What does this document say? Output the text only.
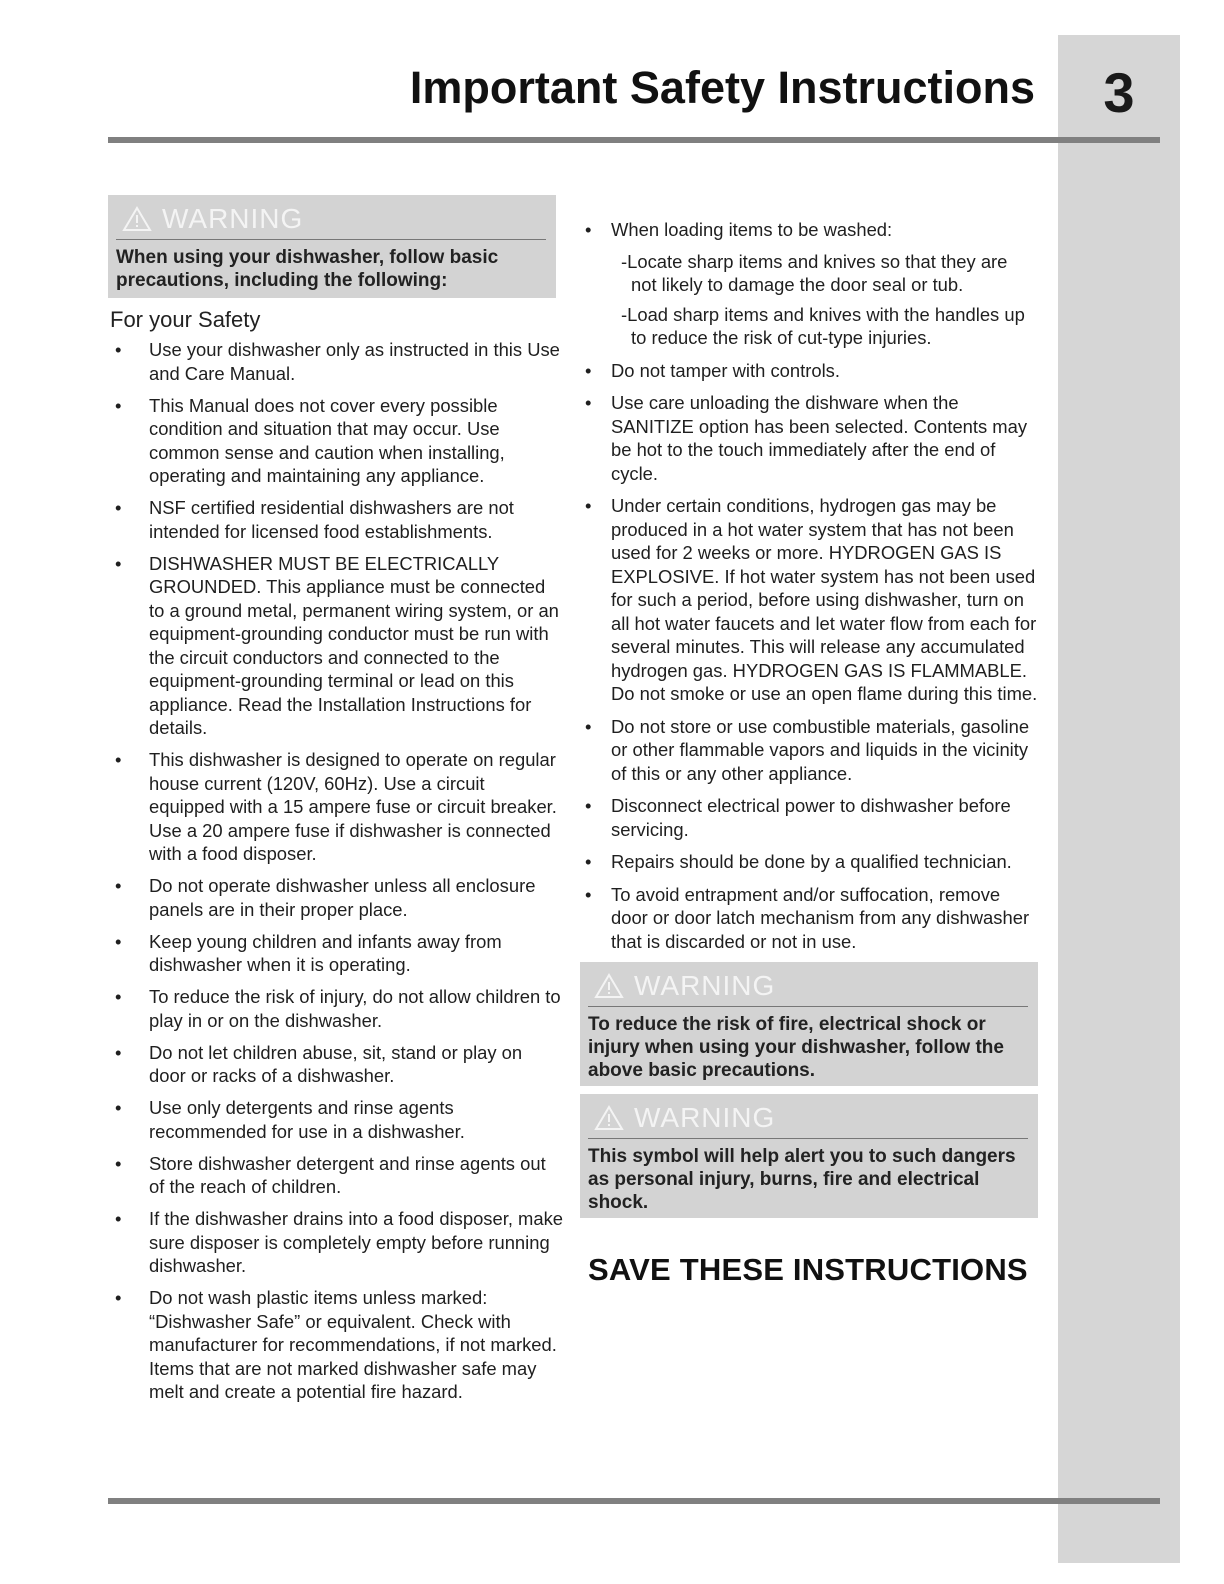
3
Important Safety Instructions
WARNING

When using your dishwasher, follow basic precautions, including the following:

For your Safety
• Use your dishwasher only as instructed in this Use and Care Manual.
• This Manual does not cover every possible condition and situation that may occur. Use common sense and caution when installing, operating and maintaining any appliance.
• NSF certified residential dishwashers are not intended for licensed food establishments.
• DISHWASHER MUST BE ELECTRICALLY GROUNDED. This appliance must be connected to a ground metal, permanent wiring system, or an equipment-grounding conductor must be run with the circuit conductors and connected to the equipment-grounding terminal or lead on this appliance. Read the Installation Instructions for details.
• This dishwasher is designed to operate on regular house current (120V, 60Hz). Use a circuit equipped with a 15 ampere fuse or circuit breaker. Use a 20 ampere fuse if dishwasher is connected with a food disposer.
• Do not operate dishwasher unless all enclosure panels are in their proper place.
• Keep young children and infants away from dishwasher when it is operating.
• To reduce the risk of injury, do not allow children to play in or on the dishwasher.
• Do not let children abuse, sit, stand or play on door or racks of a dishwasher.
• Use only detergents and rinse agents recommended for use in a dishwasher.
• Store dishwasher detergent and rinse agents out of the reach of children.
• If the dishwasher drains into a food disposer, make sure disposer is completely empty before running dishwasher.
• Do not wash plastic items unless marked: “Dishwasher Safe” or equivalent. Check with manufacturer for recommendations, if not marked. Items that are not marked dishwasher safe may melt and create a potential fire hazard.
• When loading items to be washed:

-Locate sharp items and knives so that they are not likely to damage the door seal or tub.

-Load sharp items and knives with the handles up to reduce the risk of cut-type injuries.

• Do not tamper with controls.
• Use care unloading the dishware when the SANITIZE option has been selected. Contents may be hot to the touch immediately after the end of cycle.
• Under certain conditions, hydrogen gas may be produced in a hot water system that has not been used for 2 weeks or more. HYDROGEN GAS IS EXPLOSIVE. If hot water system has not been used for such a period, before using dishwasher, turn on all hot water faucets and let water flow from each for several minutes. This will release any accumulated hydrogen gas. HYDROGEN GAS IS FLAMMABLE. Do not smoke or use an open flame during this time.
• Do not store or use combustible materials, gasoline or other flammable vapors and liquids in the vicinity of this or any other appliance.
• Disconnect electrical power to dishwasher before servicing.
• Repairs should be done by a qualified technician.
• To avoid entrapment and/or suffocation, remove door or door latch mechanism from any dishwasher that is discarded or not in use.
WARNING

To reduce the risk of fire, electrical shock or injury when using your dishwasher, follow the above basic precautions.

WARNING

This symbol will help alert you to such dangers as personal injury, burns, fire and electrical shock.

SAVE THESE INSTRUCTIONS
